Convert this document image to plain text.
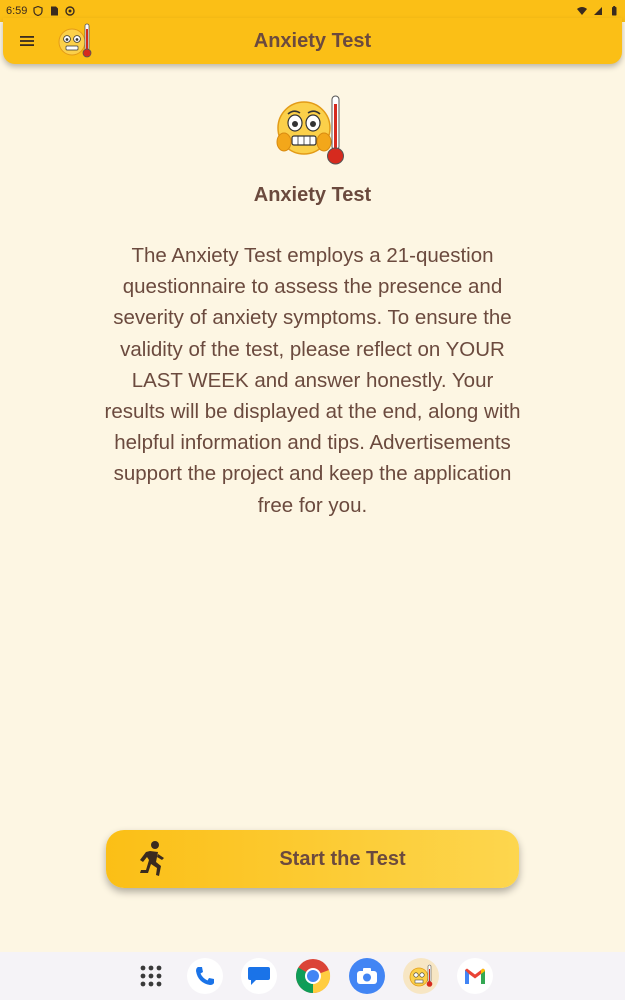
6:59
Anxiety Test
Anxiety Test
The Anxiety Test employs a 21-question questionnaire to assess the presence and severity of anxiety symptoms. To ensure the validity of the test, please reflect on YOUR LAST WEEK and answer honestly. Your results will be displayed at the end, along with helpful information and tips. Advertisements support the project and keep the application free for you.
Start the Test
